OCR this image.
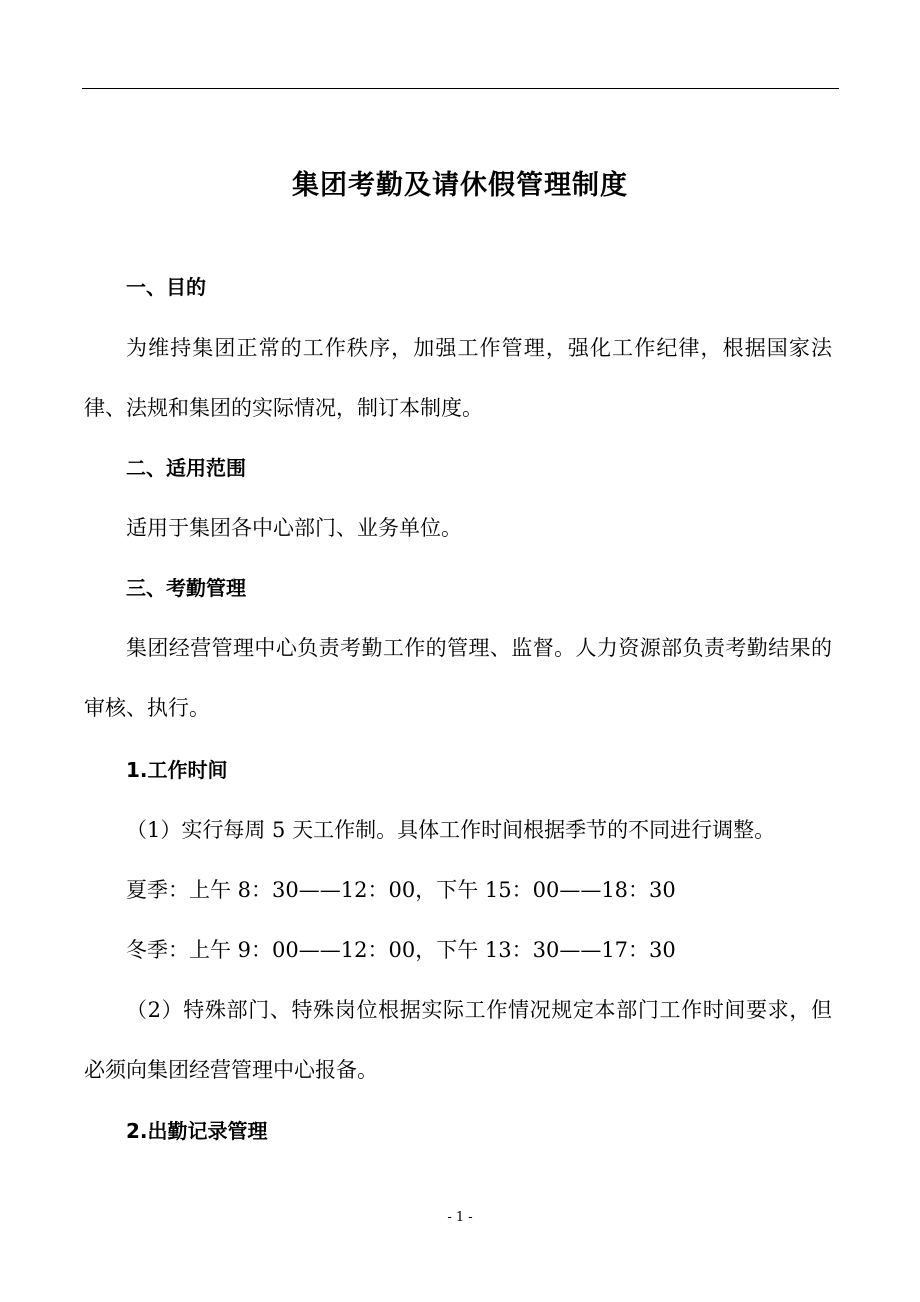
集团考勤及请休假管理制度
一、目的
为维持集团正常的工作秩序，加强工作管理，强化工作纪律，根据国家法律、法规和集团的实际情况，制订本制度。
二、适用范围
适用于集团各中心部门、业务单位。
三、考勤管理
集团经营管理中心负责考勤工作的管理、监督。人力资源部负责考勤结果的审核、执行。
1.工作时间
（1）实行每周 5 天工作制。具体工作时间根据季节的不同进行调整。
夏季：上午 8：30——12：00，下午 15：00——18：30
冬季：上午 9：00——12：00，下午 13：30——17：30
（2）特殊部门、特殊岗位根据实际工作情况规定本部门工作时间要求，但必须向集团经营管理中心报备。
2.出勤记录管理
- 1 -
